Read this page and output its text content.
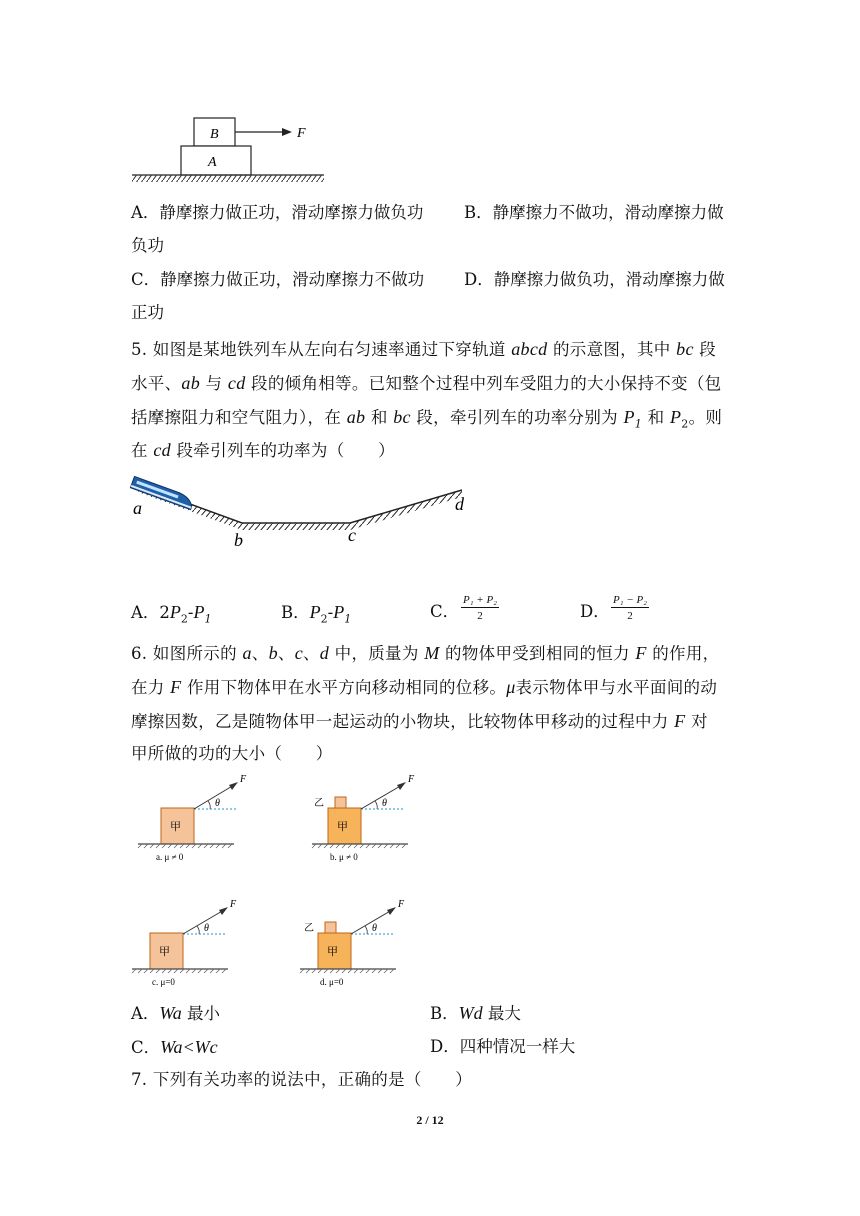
B
A
F
A．静摩擦力做正功，滑动摩擦力做负功 B．静摩擦力不做功，滑动摩擦力做
负功
C．静摩擦力做正功，滑动摩擦力不做功 D．静摩擦力做负功，滑动摩擦力做
正功
5. 如图是某地铁列车从左向右匀速率通过下穿轨道 abcd 的示意图，其中 bc 段
水平、ab 与 cd 段的倾角相等。已知整个过程中列车受阻力的大小保持不变（包
括摩擦阻力和空气阻力），在 ab 和 bc 段，牵引列车的功率分别为 $P_1$ 和 $P_2$。则
在 cd 段牵引列车的功率为（　　）
a
b	c
d
A．$2P_2-P_1$	B．$P_2-P_1$	C． $\frac{\text{P₁ + P₂}}{2}$	D． $\frac{\text{P₁ − P₂}}{2}$
6. 如图所示的 a、b、c、d 中，质量为 M 的物体甲受到相同的恒力 F 的作用，
在力 F 作用下物体甲在水平方向移动相同的位移。μ表示物体甲与水平面间的动
摩擦因数，乙是随物体甲一起运动的小物块，比较物体甲移动的过程中力 F 对
甲所做的功的大小（　　）
甲
F
θ
a. μ ≠ 0
甲
乙
F
θ
b. μ ≠ 0
甲
F
θ
c. μ=0
甲
乙
F
θ
d. μ=0
A．Wa 最小	B．Wd 最大
C．Wa<Wc	D．四种情况一样大
7. 下列有关功率的说法中，正确的是（　　）
2 / 12
